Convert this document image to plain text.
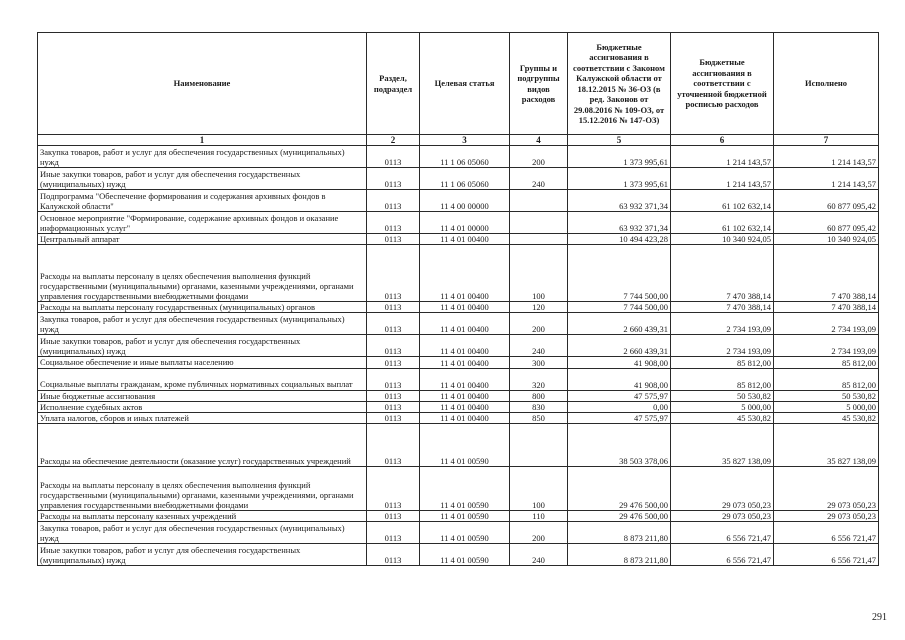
Наименование	Раздел, подраздел	Целевая статья	Группы и подгруппы видов расходов	Бюджетные ассигнования в соответствии с Законом Калужской области от 18.12.2015 № 36-ОЗ (в ред. Законов от 29.08.2016 № 109-ОЗ, от 15.12.2016 № 147-ОЗ)	Бюджетные ассигнования в соответствии с уточненной бюджетной росписью расходов	Исполнено
1	2	3	4	5	6	7
Закупка товаров, работ и услуг для обеспечения государственных (муниципальных) нужд	0113	11 1 06 05060	200	1 373 995,61	1 214 143,57	1 214 143,57
Иные закупки товаров, работ и услуг для обеспечения государственных (муниципальных) нужд	0113	11 1 06 05060	240	1 373 995,61	1 214 143,57	1 214 143,57
Подпрограмма "Обеспечение формирования и содержания архивных фондов в Калужской области"	0113	11 4 00 00000		63 932 371,34	61 102 632,14	60 877 095,42
Основное мероприятие "Формирование, содержание архивных фондов и оказание информационных услуг"	0113	11 4 01 00000		63 932 371,34	61 102 632,14	60 877 095,42
Центральный аппарат	0113	11 4 01 00400		10 494 423,28	10 340 924,05	10 340 924,05
Расходы на выплаты персоналу в целях обеспечения выполнения функций государственными (муниципальными) органами, казенными учреждениями, органами управления государственными внебюджетными фондами	0113	11 4 01 00400	100	7 744 500,00	7 470 388,14	7 470 388,14
Расходы на выплаты персоналу государственных (муниципальных) органов	0113	11 4 01 00400	120	7 744 500,00	7 470 388,14	7 470 388,14
Закупка товаров, работ и услуг для обеспечения государственных (муниципальных) нужд	0113	11 4 01 00400	200	2 660 439,31	2 734 193,09	2 734 193,09
Иные закупки товаров, работ и услуг для обеспечения государственных (муниципальных) нужд	0113	11 4 01 00400	240	2 660 439,31	2 734 193,09	2 734 193,09
Социальное обеспечение и иные выплаты населению	0113	11 4 01 00400	300	41 908,00	85 812,00	85 812,00
Социальные выплаты гражданам, кроме публичных нормативных социальных выплат	0113	11 4 01 00400	320	41 908,00	85 812,00	85 812,00
Иные бюджетные ассигнования	0113	11 4 01 00400	800	47 575,97	50 530,82	50 530,82
Исполнение судебных актов	0113	11 4 01 00400	830	0,00	5 000,00	5 000,00
Уплата налогов, сборов и иных платежей	0113	11 4 01 00400	850	47 575,97	45 530,82	45 530,82
Расходы на обеспечение деятельности (оказание услуг) государственных учреждений	0113	11 4 01 00590		38 503 378,06	35 827 138,09	35 827 138,09
Расходы на выплаты персоналу в целях обеспечения выполнения функций государственными (муниципальными) органами, казенными учреждениями, органами управления государственными внебюджетными фондами	0113	11 4 01 00590	100	29 476 500,00	29 073 050,23	29 073 050,23
Расходы на выплаты персоналу казенных учреждений	0113	11 4 01 00590	110	29 476 500,00	29 073 050,23	29 073 050,23
Закупка товаров, работ и услуг для обеспечения государственных (муниципальных) нужд	0113	11 4 01 00590	200	8 873 211,80	6 556 721,47	6 556 721,47
Иные закупки товаров, работ и услуг для обеспечения государственных (муниципальных) нужд	0113	11 4 01 00590	240	8 873 211,80	6 556 721,47	6 556 721,47
291
